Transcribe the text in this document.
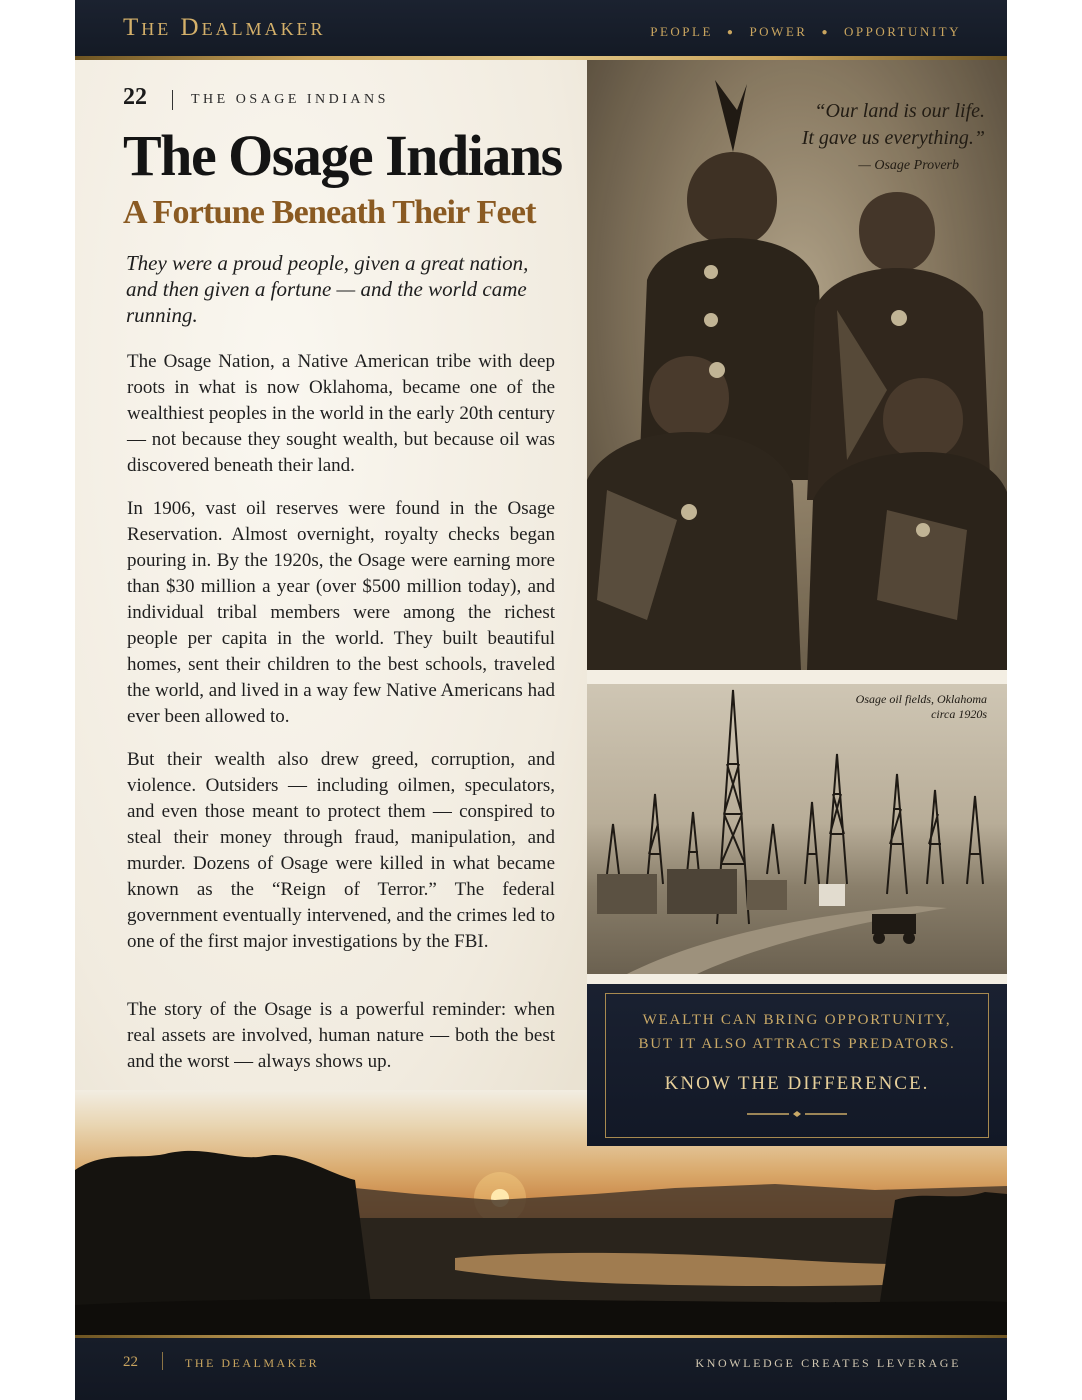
The Dealmaker	PEOPLE ● POWER ● OPPORTUNITY
22	THE OSAGE INDIANS
The Osage Indians
A Fortune Beneath Their Feet
They were a proud people, given a great nation, and then given a fortune — and the world came running.
The Osage Nation, a Native American tribe with deep roots in what is now Oklahoma, became one of the wealthiest peoples in the world in the early 20th century — not because they sought wealth, but because oil was discovered beneath their land.
In 1906, vast oil reserves were found in the Osage Reservation. Almost overnight, royalty checks began pouring in. By the 1920s, the Osage were earning more than $30 million a year (over $500 million today), and individual tribal members were among the richest people per capita in the world. They built beautiful homes, sent their children to the best schools, traveled the world, and lived in a way few Native Americans had ever been allowed to.
But their wealth also drew greed, corruption, and violence. Outsiders — including oilmen, speculators, and even those meant to protect them — conspired to steal their money through fraud, manipulation, and murder. Dozens of Osage were killed in what became known as the “Reign of Terror.” The federal government eventually intervened, and the crimes led to one of the first major investigations by the FBI.
The story of the Osage is a powerful reminder: when real assets are involved, human nature — both the best and the worst — always shows up.
“Our land is our life.
It gave us everything.”
— Osage Proverb
Osage oil fields, Oklahoma
circa 1920s
WEALTH CAN BRING OPPORTUNITY,
BUT IT ALSO ATTRACTS PREDATORS.
KNOW THE DIFFERENCE.
22	THE DEALMAKER	KNOWLEDGE CREATES LEVERAGE
